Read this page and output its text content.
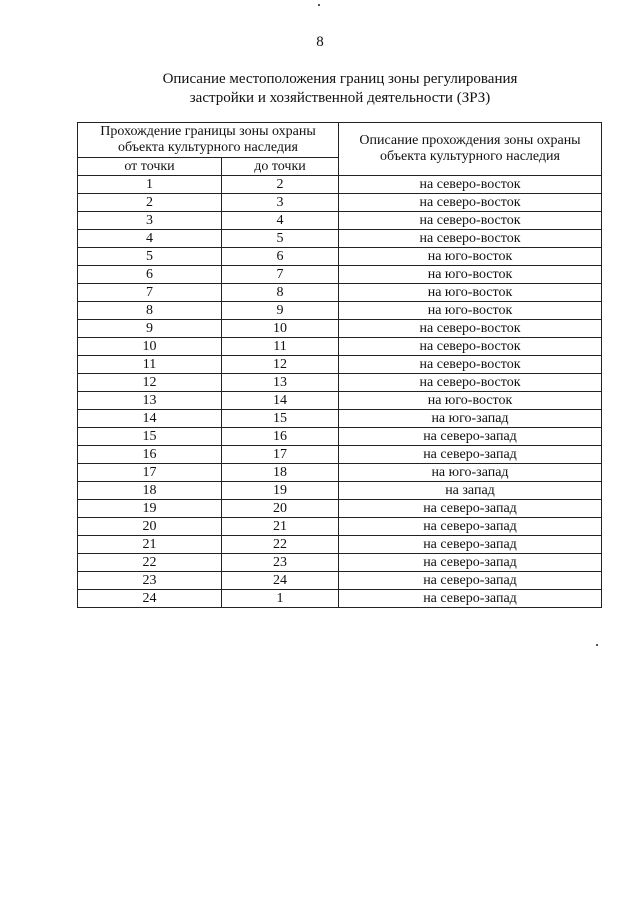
8
Описание местоположения границ зоны регулирования
застройки и хозяйственной деятельности (ЗРЗ)
Прохождение границы зоны охраны объекта культурного наследия		Описание прохождения зоны охраны объекта культурного наследия
от точки	до точки	
1	2	на северо-восток
2	3	на северо-восток
3	4	на северо-восток
4	5	на северо-восток
5	6	на юго-восток
6	7	на юго-восток
7	8	на юго-восток
8	9	на юго-восток
9	10	на северо-восток
10	11	на северо-восток
11	12	на северо-восток
12	13	на северо-восток
13	14	на юго-восток
14	15	на юго-запад
15	16	на северо-запад
16	17	на северо-запад
17	18	на юго-запад
18	19	на запад
19	20	на северо-запад
20	21	на северо-запад
21	22	на северо-запад
22	23	на северо-запад
23	24	на северо-запад
24	1	на северо-запад
